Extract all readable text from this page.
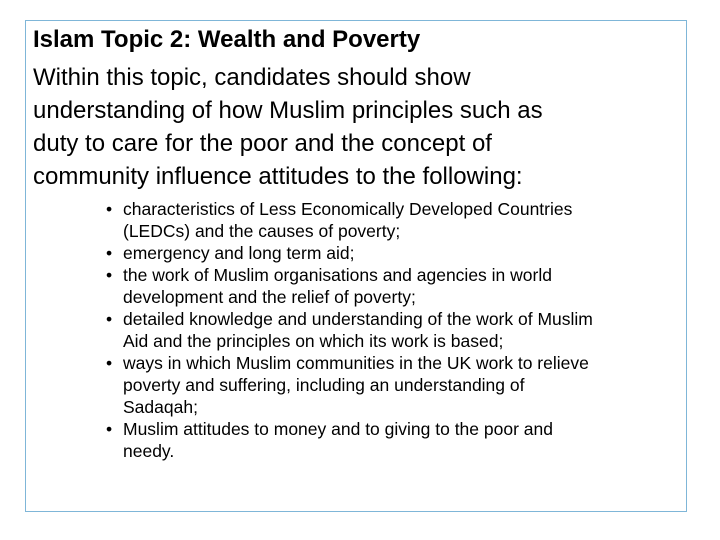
Islam Topic 2: Wealth and Poverty

Within this topic, candidates should show
understanding of how Muslim principles such as
duty to care for the poor and the concept of
community influence attitudes to the following:

• characteristics of Less Economically Developed Countries
(LEDCs) and the causes of poverty;
• emergency and long term aid;
• the work of Muslim organisations and agencies in world
development and the relief of poverty;
• detailed knowledge and understanding of the work of Muslim
Aid and the principles on which its work is based;
• ways in which Muslim communities in the UK work to relieve
poverty and suffering, including an understanding of
Sadaqah;
• Muslim attitudes to money and to giving to the poor and
needy.
